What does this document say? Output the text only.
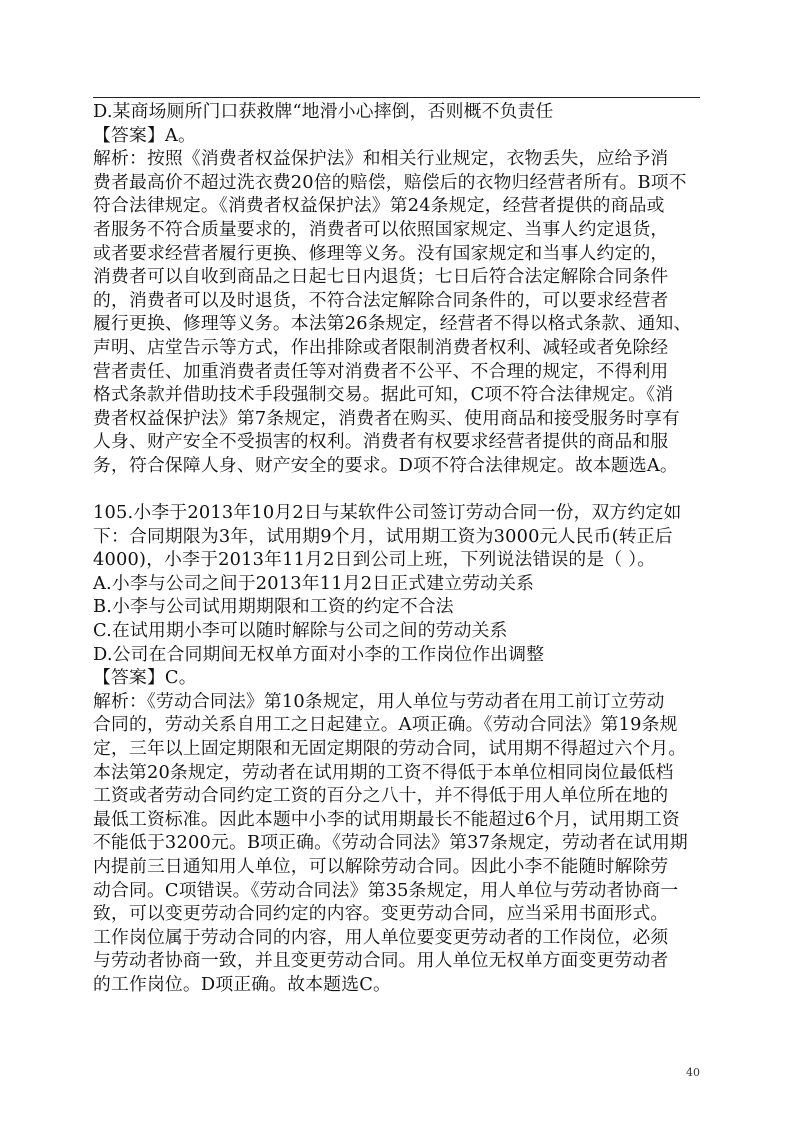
D.某商场厕所门口获救牌“地滑小心摔倒，否则概不负责任
【答案】A。
解析：按照《消费者权益保护法》和相关行业规定，衣物丢失，应给予消
费者最高价不超过洗衣费20倍的赔偿，赔偿后的衣物归经营者所有。B项不
符合法律规定。《消费者权益保护法》第24条规定，经营者提供的商品或
者服务不符合质量要求的，消费者可以依照国家规定、当事人约定退货，
或者要求经营者履行更换、修理等义务。没有国家规定和当事人约定的，
消费者可以自收到商品之日起七日内退货；七日后符合法定解除合同条件
的，消费者可以及时退货，不符合法定解除合同条件的，可以要求经营者
履行更换、修理等义务。本法第26条规定，经营者不得以格式条款、通知、
声明、店堂告示等方式，作出排除或者限制消费者权利、减轻或者免除经
营者责任、加重消费者责任等对消费者不公平、不合理的规定，不得利用
格式条款并借助技术手段强制交易。据此可知，C项不符合法律规定。《消
费者权益保护法》第7条规定，消费者在购买、使用商品和接受服务时享有
人身、财产安全不受损害的权利。消费者有权要求经营者提供的商品和服
务，符合保障人身、财产安全的要求。D项不符合法律规定。故本题选A。
105.小李于2013年10月2日与某软件公司签订劳动合同一份，双方约定如
下：合同期限为3年，试用期9个月，试用期工资为3000元人民币(转正后
4000)，小李于2013年11月2日到公司上班，下列说法错误的是（ ）。
A.小李与公司之间于2013年11月2日正式建立劳动关系
B.小李与公司试用期期限和工资的约定不合法
C.在试用期小李可以随时解除与公司之间的劳动关系
D.公司在合同期间无权单方面对小李的工作岗位作出调整
【答案】C。
解析：《劳动合同法》第10条规定，用人单位与劳动者在用工前订立劳动
合同的，劳动关系自用工之日起建立。A项正确。《劳动合同法》第19条规
定，三年以上固定期限和无固定期限的劳动合同，试用期不得超过六个月。
本法第20条规定，劳动者在试用期的工资不得低于本单位相同岗位最低档
工资或者劳动合同约定工资的百分之八十，并不得低于用人单位所在地的
最低工资标准。因此本题中小李的试用期最长不能超过6个月，试用期工资
不能低于3200元。B项正确。《劳动合同法》第37条规定，劳动者在试用期
内提前三日通知用人单位，可以解除劳动合同。因此小李不能随时解除劳
动合同。C项错误。《劳动合同法》第35条规定，用人单位与劳动者协商一
致，可以变更劳动合同约定的内容。变更劳动合同，应当采用书面形式。
工作岗位属于劳动合同的内容，用人单位要变更劳动者的工作岗位，必须
与劳动者协商一致，并且变更劳动合同。用人单位无权单方面变更劳动者
的工作岗位。D项正确。故本题选C。
40
